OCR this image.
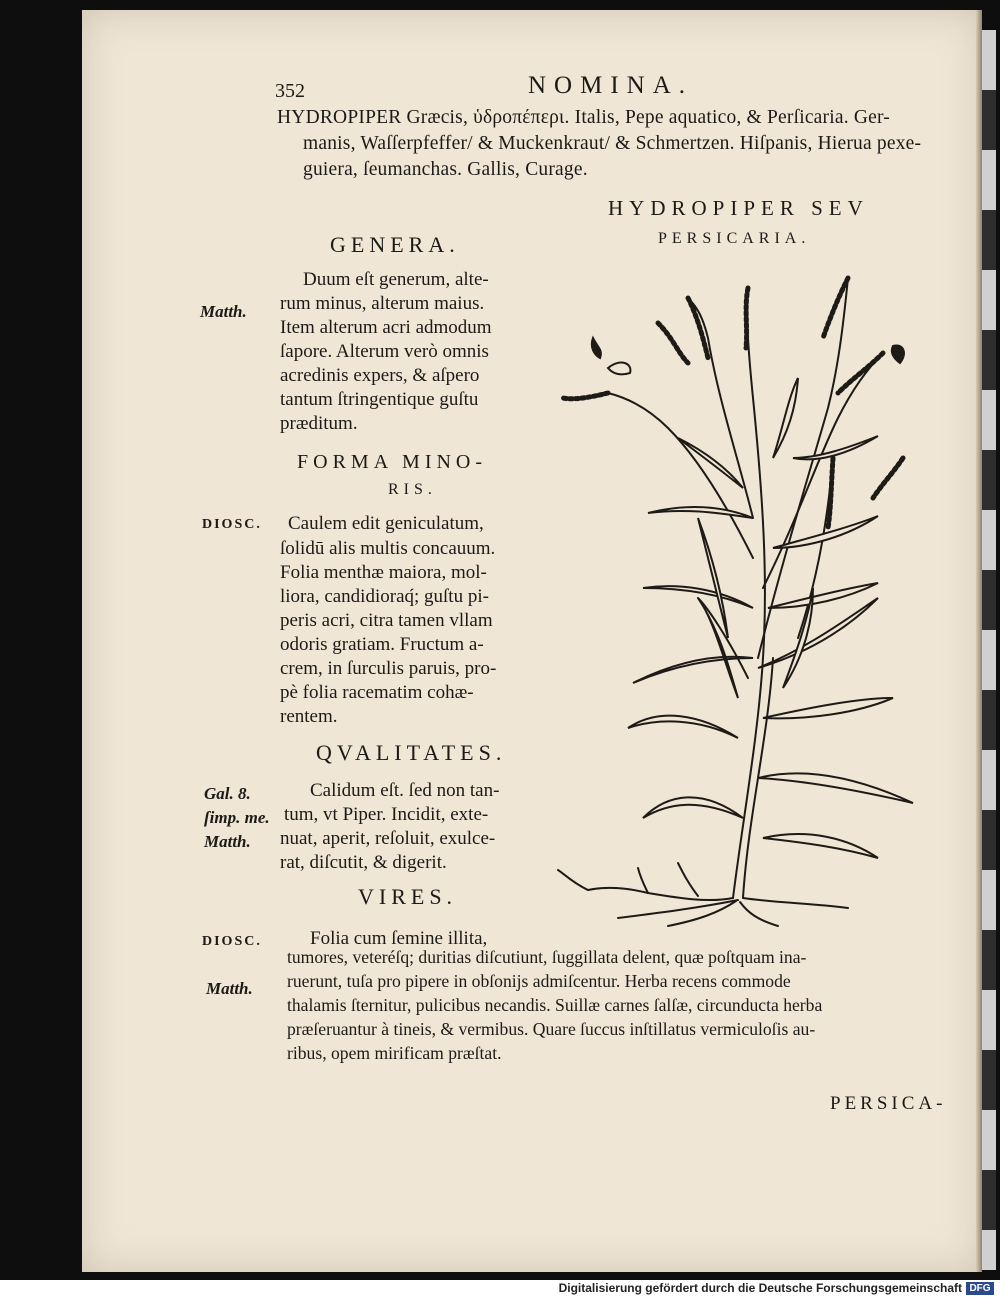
352	NOMINA.
HYDROPIPER Græcis, ὑδροπέπερι. Italis, Pepe aquatico, & Perſicaria. Ger-
manis, Waſſerpfeffer/ & Muckenkraut/ & Schmertzen. Hiſpanis, Hierua pexe-
guiera, ſeumanchas. Gallis, Curage.
HYDROPIPER SEV
PERSICARIA.
GENERA.
Matth.
Duum eſt generum, alte-
rum minus, alterum maius.
Item alterum acri admodum
ſapore. Alterum verò omnis
acredinis expers, & aſpero
tantum ſtringentique guſtu
præditum.
FORMA MINO-
RIS.
DIOSC. Caulem edit geniculatum,
ſolidū alis multis concauum.
Folia menthæ maiora, mol-
liora, candidioraq́; guſtu pi-
peris acri, citra tamen vllam
odoris gratiam. Fructum a-
crem, in ſurculis paruis, pro-
pè folia racematim cohæ-
rentem.
QVALITATES.
Gal. 8.
ſimp. me.
Matth.
Calidum eſt. ſed non tan-
tum, vt Piper. Incidit, exte-
nuat, aperit, reſoluit, exulce-
rat, diſcutit, & digerit.
VIRES.
DIOSC.
Matth.
Folia cum ſemine illita,
tumores, veteréſq; duritias diſcutiunt, ſuggillata delent, quæ poſtquam ina-
ruerunt, tuſa pro pipere in obſonijs admiſcentur. Herba recens commode
thalamis ſternitur, pulicibus necandis. Suillæ carnes ſalſæ, circunducta herba
præſeruantur à tineis, & vermibus. Quare ſuccus inſtillatus vermiculoſis au-
ribus, opem mirificam præſtat.
PERSICA-
Digitalisierung gefördert durch die Deutsche Forschungsgemeinschaft DFG
